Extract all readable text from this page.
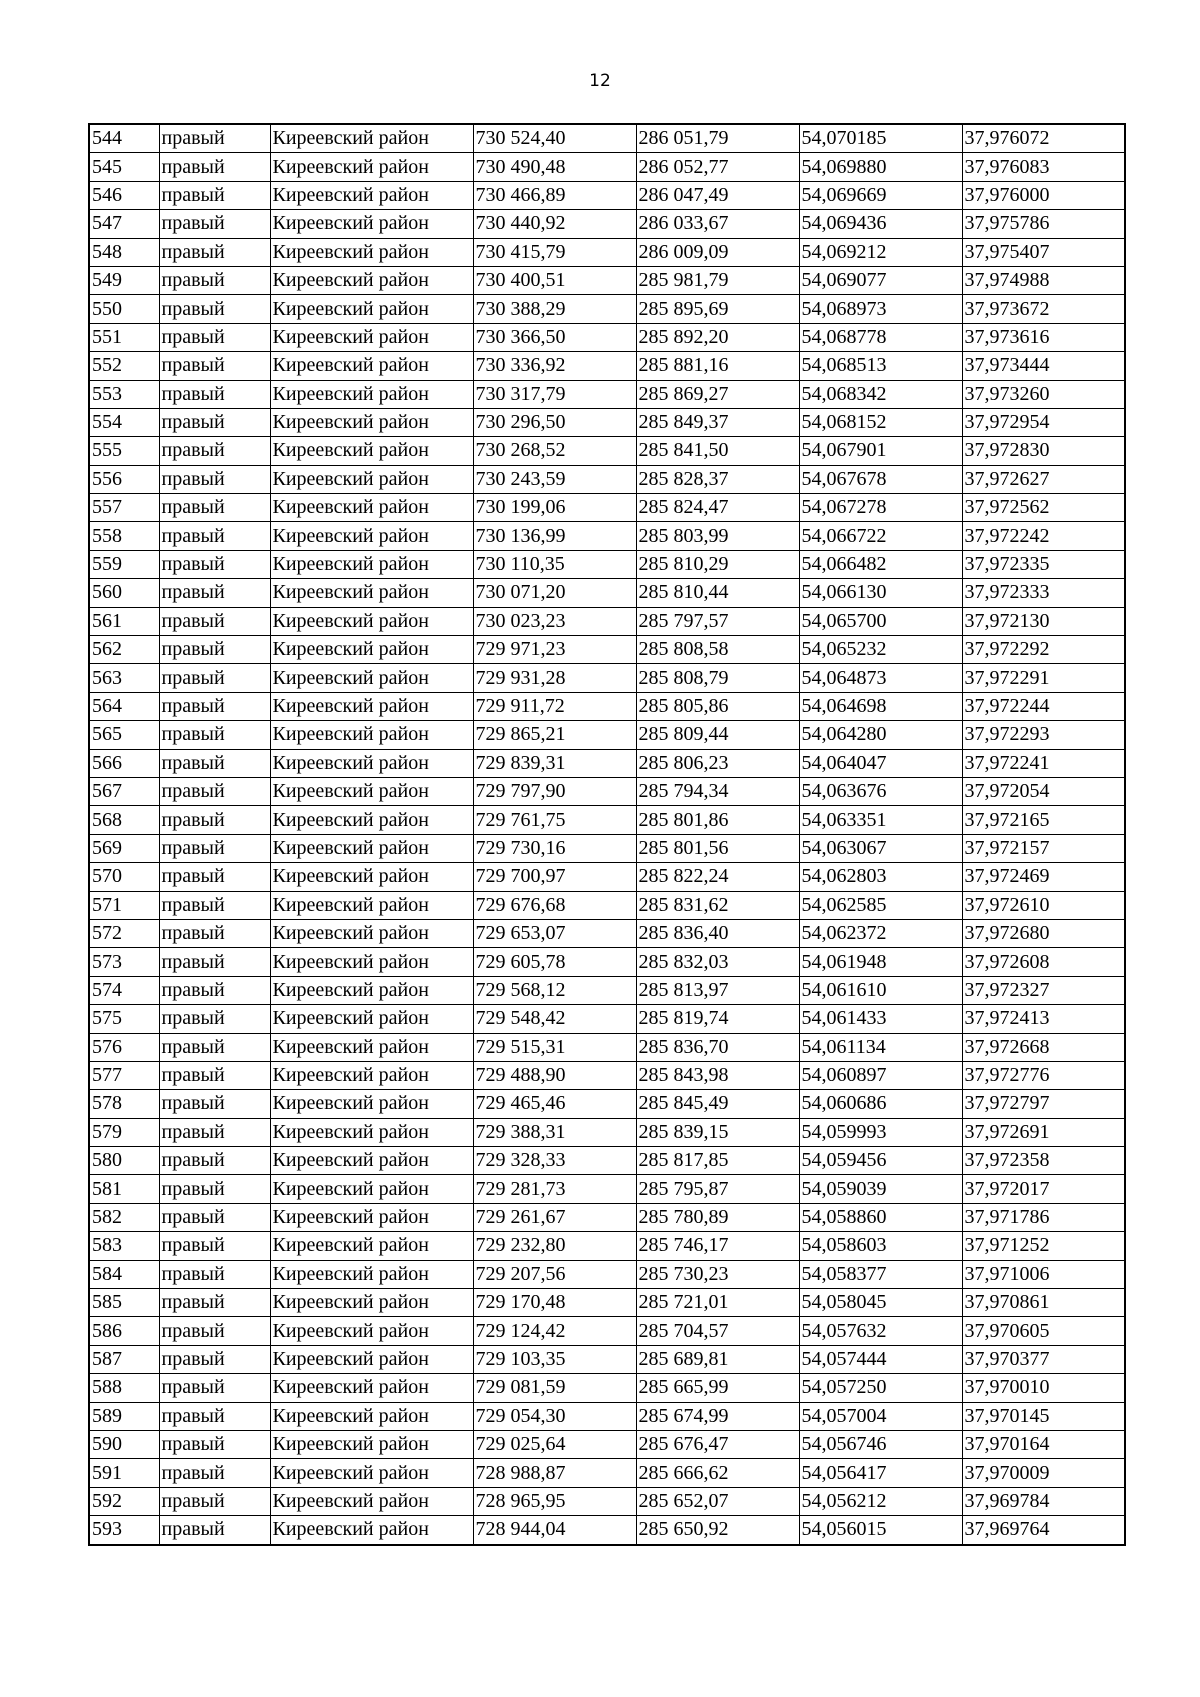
12
544	правый	Киреевский район	730 524,40	286 051,79	54,070185	37,976072
545	правый	Киреевский район	730 490,48	286 052,77	54,069880	37,976083
546	правый	Киреевский район	730 466,89	286 047,49	54,069669	37,976000
547	правый	Киреевский район	730 440,92	286 033,67	54,069436	37,975786
548	правый	Киреевский район	730 415,79	286 009,09	54,069212	37,975407
549	правый	Киреевский район	730 400,51	285 981,79	54,069077	37,974988
550	правый	Киреевский район	730 388,29	285 895,69	54,068973	37,973672
551	правый	Киреевский район	730 366,50	285 892,20	54,068778	37,973616
552	правый	Киреевский район	730 336,92	285 881,16	54,068513	37,973444
553	правый	Киреевский район	730 317,79	285 869,27	54,068342	37,973260
554	правый	Киреевский район	730 296,50	285 849,37	54,068152	37,972954
555	правый	Киреевский район	730 268,52	285 841,50	54,067901	37,972830
556	правый	Киреевский район	730 243,59	285 828,37	54,067678	37,972627
557	правый	Киреевский район	730 199,06	285 824,47	54,067278	37,972562
558	правый	Киреевский район	730 136,99	285 803,99	54,066722	37,972242
559	правый	Киреевский район	730 110,35	285 810,29	54,066482	37,972335
560	правый	Киреевский район	730 071,20	285 810,44	54,066130	37,972333
561	правый	Киреевский район	730 023,23	285 797,57	54,065700	37,972130
562	правый	Киреевский район	729 971,23	285 808,58	54,065232	37,972292
563	правый	Киреевский район	729 931,28	285 808,79	54,064873	37,972291
564	правый	Киреевский район	729 911,72	285 805,86	54,064698	37,972244
565	правый	Киреевский район	729 865,21	285 809,44	54,064280	37,972293
566	правый	Киреевский район	729 839,31	285 806,23	54,064047	37,972241
567	правый	Киреевский район	729 797,90	285 794,34	54,063676	37,972054
568	правый	Киреевский район	729 761,75	285 801,86	54,063351	37,972165
569	правый	Киреевский район	729 730,16	285 801,56	54,063067	37,972157
570	правый	Киреевский район	729 700,97	285 822,24	54,062803	37,972469
571	правый	Киреевский район	729 676,68	285 831,62	54,062585	37,972610
572	правый	Киреевский район	729 653,07	285 836,40	54,062372	37,972680
573	правый	Киреевский район	729 605,78	285 832,03	54,061948	37,972608
574	правый	Киреевский район	729 568,12	285 813,97	54,061610	37,972327
575	правый	Киреевский район	729 548,42	285 819,74	54,061433	37,972413
576	правый	Киреевский район	729 515,31	285 836,70	54,061134	37,972668
577	правый	Киреевский район	729 488,90	285 843,98	54,060897	37,972776
578	правый	Киреевский район	729 465,46	285 845,49	54,060686	37,972797
579	правый	Киреевский район	729 388,31	285 839,15	54,059993	37,972691
580	правый	Киреевский район	729 328,33	285 817,85	54,059456	37,972358
581	правый	Киреевский район	729 281,73	285 795,87	54,059039	37,972017
582	правый	Киреевский район	729 261,67	285 780,89	54,058860	37,971786
583	правый	Киреевский район	729 232,80	285 746,17	54,058603	37,971252
584	правый	Киреевский район	729 207,56	285 730,23	54,058377	37,971006
585	правый	Киреевский район	729 170,48	285 721,01	54,058045	37,970861
586	правый	Киреевский район	729 124,42	285 704,57	54,057632	37,970605
587	правый	Киреевский район	729 103,35	285 689,81	54,057444	37,970377
588	правый	Киреевский район	729 081,59	285 665,99	54,057250	37,970010
589	правый	Киреевский район	729 054,30	285 674,99	54,057004	37,970145
590	правый	Киреевский район	729 025,64	285 676,47	54,056746	37,970164
591	правый	Киреевский район	728 988,87	285 666,62	54,056417	37,970009
592	правый	Киреевский район	728 965,95	285 652,07	54,056212	37,969784
593	правый	Киреевский район	728 944,04	285 650,92	54,056015	37,969764
